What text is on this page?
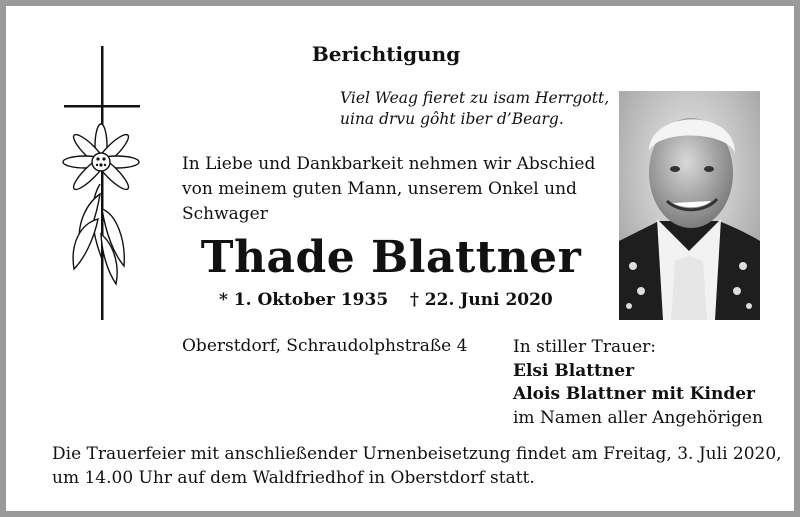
Berichtigung
Viel Weag fieret zu isam Herrgott,
uina drvu gôht iber d’Bearg.
In Liebe und Dankbarkeit nehmen wir Abschied
von meinem guten Mann, unserem Onkel und
Schwager
Thade Blattner
* 1. Oktober 1935 † 22. Juni 2020
Oberstdorf, Schraudolphstraße 4	In stiller Trauer:
Elsi Blattner
Alois Blattner mit Kinder
im Namen aller Angehörigen
Die Trauerfeier mit anschließender Urnenbeisetzung findet am Freitag, 3. Juli 2020,
um 14.00 Uhr auf dem Waldfriedhof in Oberstdorf statt.
